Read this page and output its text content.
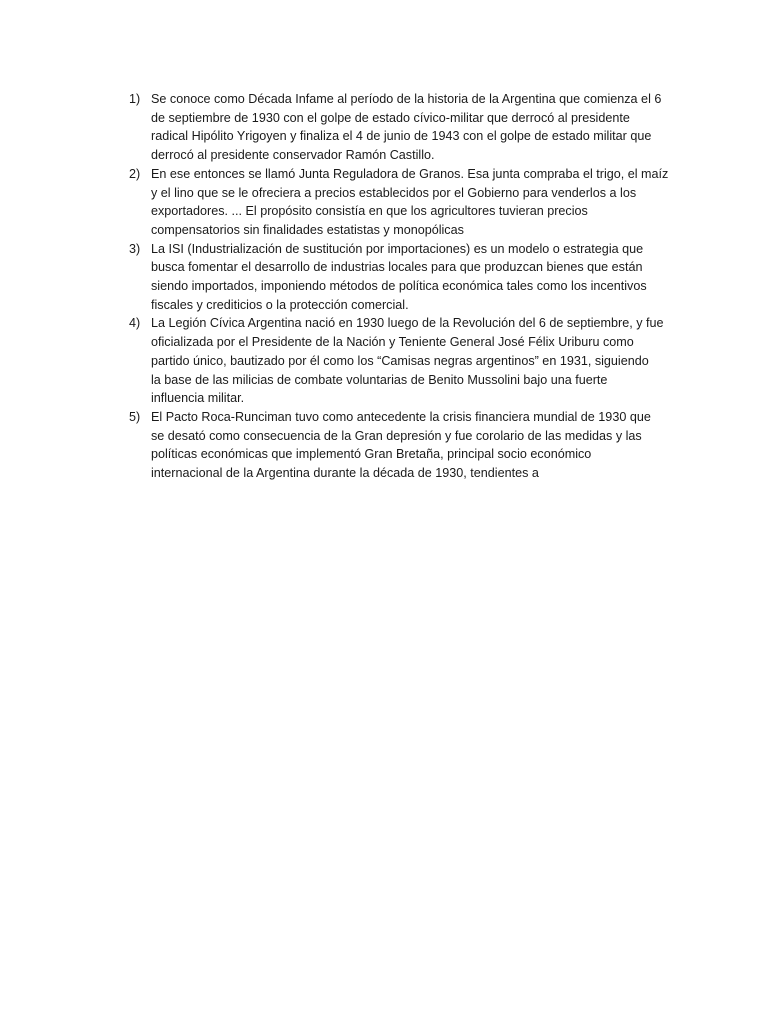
1) Se conoce como Década Infame al período de la historia de la Argentina que comienza el 6
de septiembre de 1930 con el golpe de estado cívico-militar que derrocó al presidente
radical Hipólito Yrigoyen y finaliza el 4 de junio de 1943 con el golpe de estado militar que
derrocó al presidente conservador Ramón Castillo.
2) En ese entonces se llamó Junta Reguladora de Granos. Esa junta compraba el trigo, el maíz
y el lino que se le ofreciera a precios establecidos por el Gobierno para venderlos a los
exportadores. ... El propósito consistía en que los agricultores tuvieran precios
compensatorios sin finalidades estatistas y monopólicas
3) La ISI (Industrialización de sustitución por importaciones) es un modelo o estrategia que
busca fomentar el desarrollo de industrias locales para que produzcan bienes que están
siendo importados, imponiendo métodos de política económica tales como los incentivos
fiscales y crediticios o la protección comercial.
4) La Legión Cívica Argentina nació en 1930 luego de la Revolución del 6 de septiembre, y fue
oficializada por el Presidente de la Nación y Teniente General José Félix Uriburu como
partido único, bautizado por él como los “Camisas negras argentinos” en 1931, siguiendo
la base de las milicias de combate voluntarias de Benito Mussolini bajo una fuerte
influencia militar.
5) El Pacto Roca-Runciman tuvo como antecedente la crisis financiera mundial de 1930 que
se desató como consecuencia de la Gran depresión y fue corolario de las medidas y las
políticas económicas que implementó Gran Bretaña, principal socio económico
internacional de la Argentina durante la década de 1930, tendientes a
